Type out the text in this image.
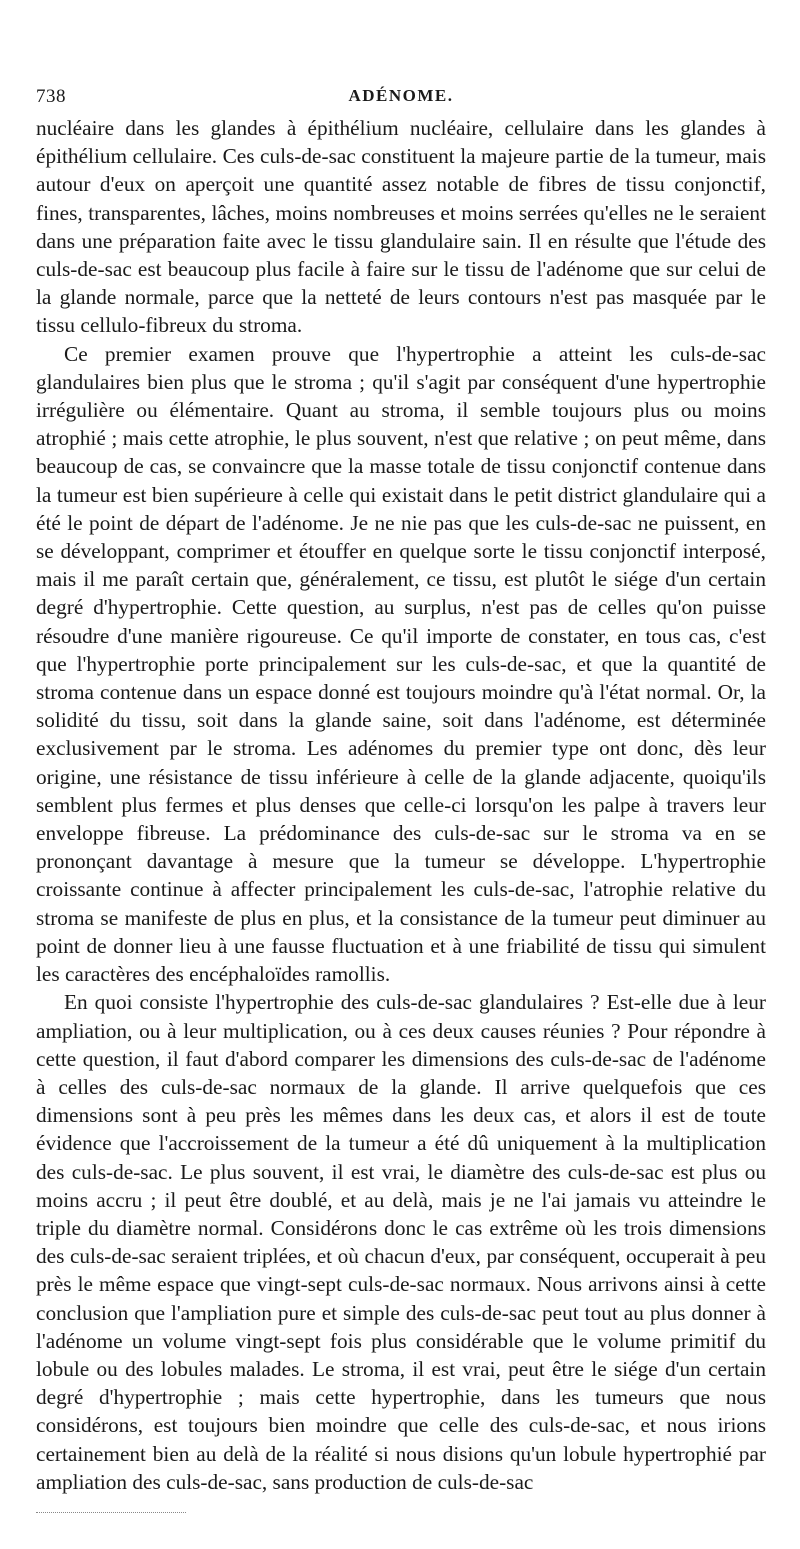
738	ADÉNOME.

nucléaire dans les glandes à épithélium nucléaire, cellulaire dans les glandes à épithélium cellulaire. Ces culs-de-sac constituent la majeure partie de la tumeur, mais autour d'eux on aperçoit une quantité assez notable de fibres de tissu conjonctif, fines, transparentes, lâches, moins nombreuses et moins serrées qu'elles ne le seraient dans une préparation faite avec le tissu glandulaire sain. Il en résulte que l'étude des culs-de-sac est beaucoup plus facile à faire sur le tissu de l'adénome que sur celui de la glande normale, parce que la netteté de leurs contours n'est pas masquée par le tissu cellulo-fibreux du stroma.

Ce premier examen prouve que l'hypertrophie a atteint les culs-de-sac glandulaires bien plus que le stroma ; qu'il s'agit par conséquent d'une hypertrophie irrégulière ou élémentaire. Quant au stroma, il semble toujours plus ou moins atrophié ; mais cette atrophie, le plus souvent, n'est que relative ; on peut même, dans beaucoup de cas, se convaincre que la masse totale de tissu conjonctif contenue dans la tumeur est bien supérieure à celle qui existait dans le petit district glandulaire qui a été le point de départ de l'adénome. Je ne nie pas que les culs-de-sac ne puissent, en se développant, comprimer et étouffer en quelque sorte le tissu conjonctif interposé, mais il me paraît certain que, généralement, ce tissu, est plutôt le siége d'un certain degré d'hypertrophie. Cette question, au surplus, n'est pas de celles qu'on puisse résoudre d'une manière rigoureuse. Ce qu'il importe de constater, en tous cas, c'est que l'hypertrophie porte principalement sur les culs-de-sac, et que la quantité de stroma contenue dans un espace donné est toujours moindre qu'à l'état normal. Or, la solidité du tissu, soit dans la glande saine, soit dans l'adénome, est déterminée exclusivement par le stroma. Les adénomes du premier type ont donc, dès leur origine, une résistance de tissu inférieure à celle de la glande adjacente, quoiqu'ils semblent plus fermes et plus denses que celle-ci lorsqu'on les palpe à travers leur enveloppe fibreuse. La prédominance des culs-de-sac sur le stroma va en se prononçant davantage à mesure que la tumeur se développe. L'hypertrophie croissante continue à affecter principalement les culs-de-sac, l'atrophie relative du stroma se manifeste de plus en plus, et la consistance de la tumeur peut diminuer au point de donner lieu à une fausse fluctuation et à une friabilité de tissu qui simulent les caractères des encéphaloïdes ramollis.

En quoi consiste l'hypertrophie des culs-de-sac glandulaires ? Est-elle due à leur ampliation, ou à leur multiplication, ou à ces deux causes réunies ? Pour répondre à cette question, il faut d'abord comparer les dimensions des culs-de-sac de l'adénome à celles des culs-de-sac normaux de la glande. Il arrive quelquefois que ces dimensions sont à peu près les mêmes dans les deux cas, et alors il est de toute évidence que l'accroissement de la tumeur a été dû uniquement à la multiplication des culs-de-sac. Le plus souvent, il est vrai, le diamètre des culs-de-sac est plus ou moins accru ; il peut être doublé, et au delà, mais je ne l'ai jamais vu atteindre le triple du diamètre normal. Considérons donc le cas extrême où les trois dimensions des culs-de-sac seraient triplées, et où chacun d'eux, par conséquent, occuperait à peu près le même espace que vingt-sept culs-de-sac normaux. Nous arrivons ainsi à cette conclusion que l'ampliation pure et simple des culs-de-sac peut tout au plus donner à l'adénome un volume vingt-sept fois plus considérable que le volume primitif du lobule ou des lobules malades. Le stroma, il est vrai, peut être le siége d'un certain degré d'hypertrophie ; mais cette hypertrophie, dans les tumeurs que nous considérons, est toujours bien moindre que celle des culs-de-sac, et nous irions certainement bien au delà de la réalité si nous disions qu'un lobule hypertrophié par ampliation des culs-de-sac, sans production de culs-de-sac
